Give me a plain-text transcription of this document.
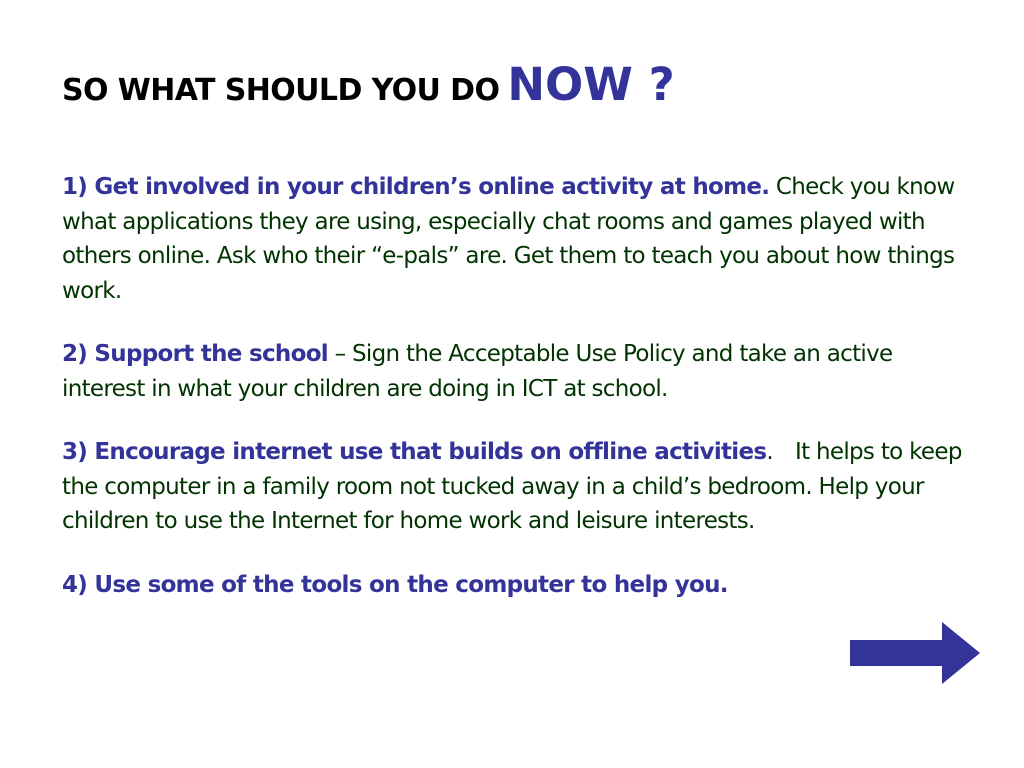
SO WHAT SHOULD YOU DO NOW ?

1) Get involved in your children’s online activity at home. Check you know what applications they are using, especially chat rooms and games played with others online. Ask who their “e-pals” are. Get them to teach you about how things work.

2) Support the school – Sign the Acceptable Use Policy and take an active interest in what your children are doing in ICT at school.

3) Encourage internet use that builds on offline activities. It helps to keep the computer in a family room not tucked away in a child’s bedroom. Help your children to use the Internet for home work and leisure interests.

4) Use some of the tools on the computer to help you.
